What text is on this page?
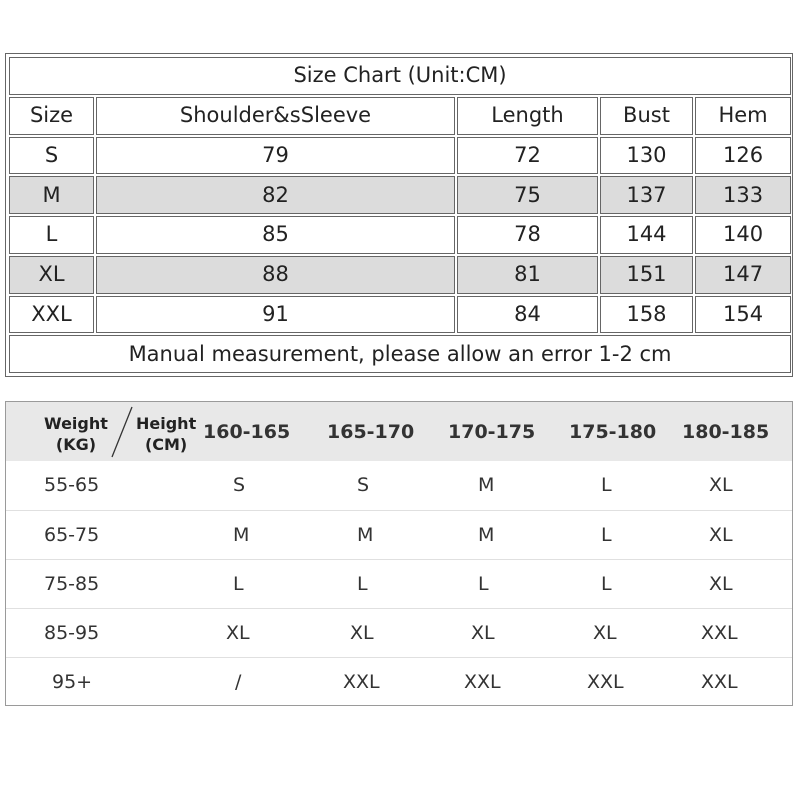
Size Chart (Unit:CM)				
Size	Shoulder&sSleeve	Length	Bust	Hem
S	79	72	130	126
M	82	75	137	133
L	85	78	144	140
XL	88	81	151	147
XXL	91	84	158	154
Manual measurement, please allow an error 1-2 cm				
Weight
(KG)
Height
(CM)	160-165	165-170	170-175	175-180	180-185
55-65	S	S	M	L	XL
65-75	M	M	M	L	XL
75-85	L	L	L	L	XL
85-95	XL	XL	XL	XL	XXL
95+	/	XXL	XXL	XXL	XXL
